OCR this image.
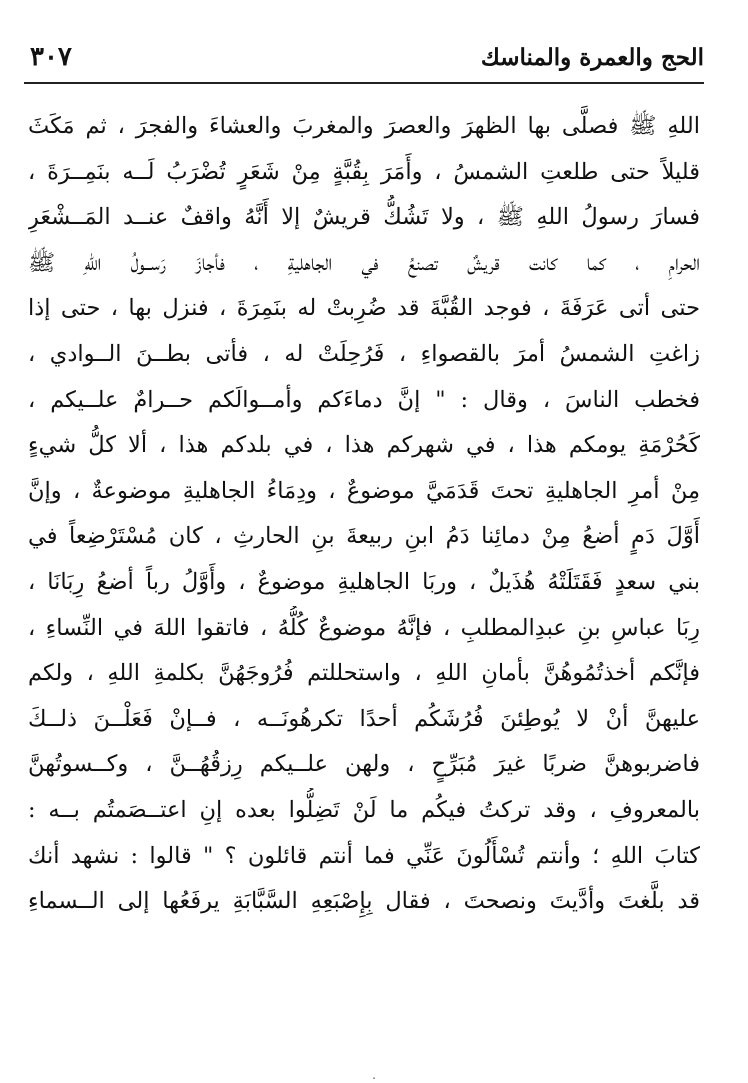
الحج والعمرة والمناسك
٣٠٧
اللهِ ﷺ فصلَّى بها الظهرَ والعصرَ والمغربَ والعشاءَ والفجرَ ، ثم مَكَثَ
قليلاً حتى طلعتِ الشمسُ ، وأَمَرَ بِقُبَّةٍ مِنْ شَعَرٍ تُضْرَبُ لَــه بنَمِــرَةَ ،
فسارَ رسولُ اللهِ ﷺ ، ولا تَشُكُّ قريشٌ إلا أَنَّهُ واقفٌ عنــد المَــشْعَرِ
الحرامِ ، كما كانت قريشٌ تصنعُ في الجاهليةِ ، فأجازَ رَســولُ اللهِ ﷺ
حتى أتى عَرَفَةَ ، فوجد القُبَّةَ قد ضُرِبتْ له بنَمِرَةَ ، فنزل بها ، حتى إذا
زاغتِ الشمسُ أمرَ بالقصواءِ ، فَرُحِلَتْ له ، فأتى بطــنَ الــوادي ،
فخطب الناسَ ، وقال : " إنَّ دماءَكم وأمــوالَكم حــرامٌ علــيكم ،
كَحُرْمَةِ يومكم هذا ، في شهركم هذا ، في بلدكم هذا ، ألا كلُّ شيءٍ
مِنْ أمرِ الجاهليةِ تحتَ قَدَمَيَّ موضوعٌ ، ودِمَاءُ الجاهليةِ موضوعةٌ ، وإنَّ
أَوَّلَ دَمٍ أضعُ مِنْ دمائِنا دَمُ ابنِ ربيعةَ بنِ الحارثِ ، كان مُسْتَرْضِعاً في
بني سعدٍ فَقَتَلَتْهُ هُذَيلٌ ، وربَا الجاهليةِ موضوعٌ ، وأَوَّلُ رباً أضعُ رِبَانَا ،
رِبَا عباسِ بنِ عبدِالمطلبِ ، فإنَّهُ موضوعٌ كُلُّهُ ، فاتقوا اللهَ في النِّساءِ ،
فإنَّكم أخذتُمُوهُنَّ بأمانِ اللهِ ، واستحللتم فُرُوجَهُنَّ بكلمةِ اللهِ ، ولكم
عليهنَّ أنْ لا يُوطِئنَ فُرُشَكُم أحدًا تكرهُونَــه ، فــإنْ فَعَلْــنَ ذلــكَ
فاضربوهنَّ ضربًا غيرَ مُبَرِّحٍ ، ولهن علــيكم رِزقُهُــنَّ ، وكــسوتُهنَّ
بالمعروفِ ، وقد تركتُ فيكُم ما لَنْ تَضِلُّوا بعده إنِ اعتــصَمتُم بــه :
كتابَ اللهِ ؛ وأنتم تُسْأَلُونَ عَنِّي فما أنتم قائلون ؟ " قالوا : نشهد أنك
قد بلَّغتَ وأدَّيتَ ونصحتَ ، فقال بِإِصْبَعِهِ السَّبَّابَةِ يرفَعُها إلى الــسماءِ
․
